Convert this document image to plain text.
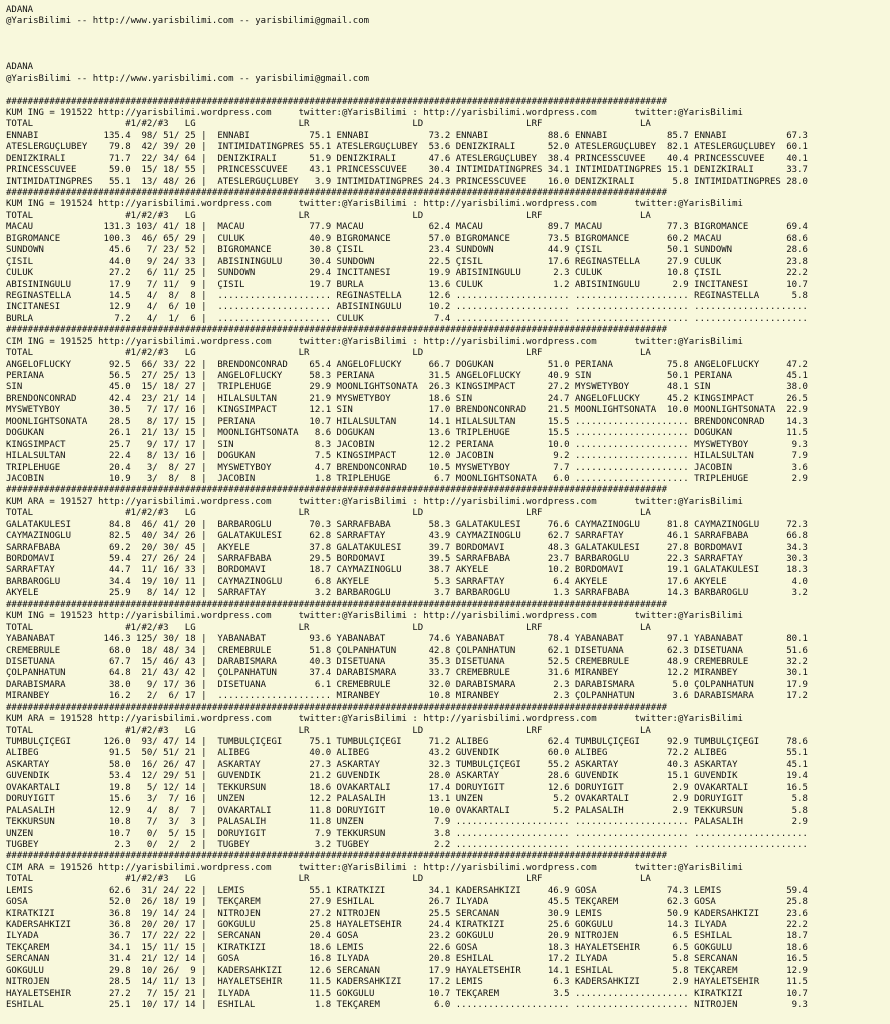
ADANA
@YarisBilimi -- http://www.yarisbilimi.com -- yarisbilimi@gmail.com
ADANA
@YarisBilimi -- http://www.yarisbilimi.com -- yarisbilimi@gmail.com
##########################################################################################################################
KUM ING = 191522 http://yarisbilimi.wordpress.com     twitter:@YarisBilimi : http://yarisbilimi.wordpress.com       twitter:@YarisBilimi
TOTAL                 #1/#2/#3   LG                   LR                   LD                   LRF                  LA
ENNABI            135.4  98/ 51/ 25 |  ENNABI           75.1 ENNABI           73.2 ENNABI           88.6 ENNABI           85.7 ENNABI           67.3
ATESLERGÜÇLÜBEY    79.8  42/ 39/ 20 |  INTIMIDATINGPRES 55.1 ATESLERGÜÇLÜBEY  53.6 DENIZKIRALI      52.0 ATESLERGÜÇLÜBEY  82.1 ATESLERGÜÇLÜBEY  60.1
DENIZKIRALI        71.7  22/ 34/ 64 |  DENIZKIRALI      51.9 DENIZKIRALI      47.6 ATESLERGÜÇLÜBEY  38.4 PRINCESSCUVEE    40.4 PRINCESSCUVEE    40.1
PRINCESSCUVEE      59.0  15/ 18/ 55 |  PRINCESSCUVEE    43.1 PRINCESSCUVEE    30.4 INTIMIDATINGPRES 34.1 INTIMIDATINGPRES 15.1 DENIZKIRALI      33.7
INTIMIDATINGPRES   55.1  13/ 48/ 26 |  ATESLERGÜÇLÜBEY   3.9 INTIMIDATINGPRES 24.3 PRINCESSCUVEE    16.0 DENIZKIRALI       5.8 INTIMIDATINGPRES 28.0
##########################################################################################################################
KUM ING = 191524 http://yarisbilimi.wordpress.com     twitter:@YarisBilimi : http://yarisbilimi.wordpress.com       twitter:@YarisBilimi
TOTAL                 #1/#2/#3   LG                   LR                   LD                   LRF                  LA
MACAU             131.3 103/ 41/ 18 |  MACAU            77.9 MACAU            62.4 MACAU            89.7 MACAU            77.3 BIGROMANCE       69.4
BIGROMANCE        100.3  46/ 65/ 29 |  CÜLÜK            40.9 BIGROMANCE       57.0 BIGROMANCE       73.5 BIGROMANCE       60.2 MACAU            68.6
SUNDOWN            45.6   7/ 23/ 52 |  BIGROMANCE       30.8 ÇISIL            23.4 SUNDOWN          44.9 ÇISIL            50.1 SUNDOWN          28.6
ÇISIL              44.0   9/ 24/ 33 |  ABISININGÜLÜ     30.4 SUNDOWN          22.5 ÇISIL            17.6 REGINASTELLA     27.9 CÜLÜK            23.8
CÜLÜK              27.2   6/ 11/ 25 |  SUNDOWN          29.4 INCITANESI       19.9 ABISININGÜLÜ      2.3 CÜLÜK            10.8 ÇISIL            22.2
ABISININGÜLÜ       17.9   7/ 11/  9 |  ÇISIL            19.7 BURLA            13.6 CÜLÜK             1.2 ABISININGÜLÜ      2.9 INCITANESI       10.7
REGINASTELLA       14.5   4/  8/  8 |  ..................... REGINASTELLA     12.6 ..................... ..................... REGINASTELLA      5.8
INCITANESI         12.9   4/  6/ 10 |  ..................... ABISININGÜLÜ     10.2 ..................... ..................... .....................
BURLA               7.2   4/  1/  6 |  ..................... CÜLÜK             7.4 ..................... ..................... .....................
##########################################################################################################################
CIM ING = 191525 http://yarisbilimi.wordpress.com     twitter:@YarisBilimi : http://yarisbilimi.wordpress.com       twitter:@YarisBilimi
TOTAL                 #1/#2/#3   LG                   LR                   LD                   LRF                  LA
ANGELOFLUCKY       92.5  66/ 33/ 22 |  BRENDONCONRAD    65.4 ANGELOFLUCKY     66.7 DOGUKAN          51.0 PERIANA          75.8 ANGELOFLUCKY     47.2
PERIANA            56.5  27/ 25/ 13 |  ANGELOFLUCKY     58.3 PERIANA          31.5 ANGELOFLUCKY     40.9 SIN              50.1 PERIANA          45.1
SIN                45.0  15/ 18/ 27 |  TRIPLEHUGE       29.9 MOONLIGHTSONATA  26.3 KINGSIMPACT      27.2 MYSWETYBOY       48.1 SIN              38.0
BRENDONCONRAD      42.4  23/ 21/ 14 |  HILALSULTAN      21.9 MYSWETYBOY       18.6 SIN              24.7 ANGELOFLUCKY     45.2 KINGSIMPACT      26.5
MYSWETYBOY         30.5   7/ 17/ 16 |  KINGSIMPACT      12.1 SIN              17.0 BRENDONCONRAD    21.5 MOONLIGHTSONATA  10.0 MOONLIGHTSONATA  22.9
MOONLIGHTSONATA    28.5   8/ 17/ 15 |  PERIANA          10.7 HILALSULTAN      14.1 HILALSULTAN      15.5 ..................... BRENDONCONRAD    14.3
DOGUKAN            26.1  21/ 13/ 15 |  MOONLIGHTSONATA   8.6 DOGUKAN          13.6 TRIPLEHUGE       15.5 ..................... DOGUKAN          11.5
KINGSIMPACT        25.7   9/ 17/ 17 |  SIN               8.3 JACOBIN          12.2 PERIANA          10.0 ..................... MYSWETYBOY        9.3
HILALSULTAN        22.4   8/ 13/ 16 |  DOGUKAN           7.5 KINGSIMPACT      12.0 JACOBIN           9.2 ..................... HILALSULTAN       7.9
TRIPLEHUGE         20.4   3/  8/ 27 |  MYSWETYBOY        4.7 BRENDONCONRAD    10.5 MYSWETYBOY        7.7 ..................... JACOBIN           3.6
JACOBIN            10.9   3/  8/  8 |  JACOBIN           1.8 TRIPLEHUGE        6.7 MOONLIGHTSONATA   6.0 ..................... TRIPLEHUGE        2.9
##########################################################################################################################
KUM ARA = 191527 http://yarisbilimi.wordpress.com     twitter:@YarisBilimi : http://yarisbilimi.wordpress.com       twitter:@YarisBilimi
TOTAL                 #1/#2/#3   LG                   LR                   LD                   LRF                  LA
GALATAKULESI       84.8  46/ 41/ 20 |  BARBAROGLU       70.3 SARRAFBABA       58.3 GALATAKULESI     76.6 CAYMAZINOGLU     81.8 CAYMAZINOGLU     72.3
CAYMAZINOGLU       82.5  40/ 34/ 26 |  GALATAKULESI     62.8 SARRAFTAY        43.9 CAYMAZINOGLU     62.7 SARRAFTAY        46.1 SARRAFBABA       66.8
SARRAFBABA         69.2  20/ 30/ 45 |  AKYELE           37.8 GALATAKULESI     39.7 BORDOMAVI        48.3 GALATAKULESI     27.8 BORDOMAVI        34.3
BORDOMAVI          59.4  27/ 26/ 24 |  SARRAFBABA       29.5 BORDOMAVI        39.5 SARRAFBABA       23.7 BARBAROGLU       22.3 SARRAFTAY        30.3
SARRAFTAY          44.7  11/ 16/ 33 |  BORDOMAVI        18.7 CAYMAZINOGLU     38.7 AKYELE           10.2 BORDOMAVI        19.1 GALATAKULESI     18.3
BARBAROGLU         34.4  19/ 10/ 11 |  CAYMAZINOGLU      6.8 AKYELE            5.3 SARRAFTAY         6.4 AKYELE           17.6 AKYELE            4.0
AKYELE             25.9   8/ 14/ 12 |  SARRAFTAY         3.2 BARBAROGLU        3.7 BARBAROGLU        1.3 SARRAFBABA       14.3 BARBAROGLU        3.2
##########################################################################################################################
KUM ING = 191523 http://yarisbilimi.wordpress.com     twitter:@YarisBilimi : http://yarisbilimi.wordpress.com       twitter:@YarisBilimi
TOTAL                 #1/#2/#3   LG                   LR                   LD                   LRF                  LA
YABANABAT         146.3 125/ 30/ 18 |  YABANABAT        93.6 YABANABAT        74.6 YABANABAT        78.4 YABANABAT        97.1 YABANABAT        80.1
CREMEBRULE         68.0  18/ 48/ 34 |  CREMEBRULE       51.8 ÇOLPANHATUN      42.8 ÇOLPANHATUN      62.1 DISETUANA        62.3 DISETUANA        51.6
DISETUANA          67.7  15/ 46/ 43 |  DARABISMARA      40.3 DISETUANA        35.3 DISETUANA        52.5 CREMEBRULE       48.9 CREMEBRULE       32.2
ÇOLPANHATUN        64.8  21/ 43/ 42 |  ÇOLPANHATUN      37.4 DARABISMARA      33.7 CREMEBRULE       31.6 MIRANBEY         12.2 MIRANBEY         30.1
DARABISMARA        38.0   9/ 17/ 36 |  DISETUANA         6.1 CREMEBRULE       32.0 DARABISMARA       2.3 DARABISMARA       5.0 ÇOLPANHATUN      17.9
MIRANBEY           16.2   2/  6/ 17 |  ..................... MIRANBEY         10.8 MIRANBEY          2.3 ÇOLPANHATUN       3.6 DARABISMARA      17.2
##########################################################################################################################
KUM ARA = 191528 http://yarisbilimi.wordpress.com     twitter:@YarisBilimi : http://yarisbilimi.wordpress.com       twitter:@YarisBilimi
TOTAL                 #1/#2/#3   LG                   LR                   LD                   LRF                  LA
TUMBULÇIÇEGI      126.0  93/ 47/ 14 |  TUMBULÇIÇEGI     75.1 TUMBULÇIÇEGI     71.2 ALIBEG           62.4 TUMBULÇIÇEGI     92.9 TUMBULÇIÇEGI     78.6
ALIBEG             91.5  50/ 51/ 21 |  ALIBEG           40.0 ALIBEG           43.2 GÜVENDIK         60.0 ALIBEG           72.2 ALIBEG           55.1
ASKARTAY           58.0  16/ 26/ 47 |  ASKARTAY         27.3 ASKARTAY         32.3 TUMBULÇIÇEGI     55.2 ASKARTAY         40.3 ASKARTAY         45.1
GÜVENDIK           53.4  12/ 29/ 51 |  GÜVENDIK         21.2 GÜVENDIK         28.0 ASKARTAY         28.6 GÜVENDIK         15.1 GÜVENDIK         19.4
OVAKARTALI         19.8   5/ 12/ 14 |  TEKKURSUN        18.6 OVAKARTALI       17.4 DORUYIGIT        12.6 DORUYIGIT         2.9 OVAKARTALI       16.5
DORUYIGIT          15.6   3/  7/ 16 |  UNZEN            12.2 PALASALIH        13.1 UNZEN             5.2 OVAKARTALI        2.9 DORUYIGIT         5.8
PALASALIH          12.9   4/  8/  7 |  OVAKARTALI       11.8 DORUYIGIT        10.0 OVAKARTALI        5.2 PALASALIH         2.9 TEKKURSUN         5.8
TEKKURSUN          10.8   7/  3/  3 |  PALASALIH        11.8 UNZEN             7.9 ..................... ..................... PALASALIH         2.9
UNZEN              10.7   0/  5/ 15 |  DORUYIGIT         7.9 TEKKURSUN         3.8 ..................... ..................... .....................
TUGBEY              2.3   0/  2/  2 |  TUGBEY            3.2 TUGBEY            2.2 ..................... ..................... .....................
##########################################################################################################################
CIM ARA = 191526 http://yarisbilimi.wordpress.com     twitter:@YarisBilimi : http://yarisbilimi.wordpress.com       twitter:@YarisBilimi
TOTAL                 #1/#2/#3   LG                   LR                   LD                   LRF                  LA
LEMIS              62.6  31/ 24/ 22 |  LEMIS            55.1 KIRATKIZI        34.1 KADERSAHKIZI     46.9 GOSA             74.3 LEMIS            59.4
GOSA               52.0  26/ 18/ 19 |  TEKÇAREM         27.9 ESHILAL          26.7 ILYADA           45.5 TEKÇAREM         62.3 GOSA             25.8
KIRATKIZI          36.8  19/ 14/ 24 |  NITROJEN         27.2 NITROJEN         25.5 SERCANAN         30.9 LEMIS            50.9 KADERSAHKIZI     23.6
KADERSAHKIZI       36.8  20/ 20/ 17 |  GÖKGÜLÜ          25.8 HAYALETSEHIR     24.4 KIRATKIZI        25.6 GÖKGÜLÜ          14.3 ILYADA           22.2
ILYADA             36.7  17/ 22/ 22 |  SERCANAN         20.4 GOSA             23.2 GÖKGÜLÜ          20.9 NITROJEN          6.5 ESHILAL          18.7
TEKÇAREM           34.1  15/ 11/ 15 |  KIRATKIZI        18.6 LEMIS            22.6 GOSA             18.3 HAYALETSEHIR      6.5 GÖKGÜLÜ          18.6
SERCANAN           31.4  21/ 12/ 14 |  GOSA             16.8 ILYADA           20.8 ESHILAL          17.2 ILYADA            5.8 SERCANAN         16.5
GÖKGÜLÜ            29.8  10/ 26/  9 |  KADERSAHKIZI     12.6 SERCANAN         17.9 HAYALETSEHIR     14.1 ESHILAL           5.8 TEKÇAREM         12.9
NITROJEN           28.5  14/ 11/ 13 |  HAYALETSEHIR     11.5 KADERSAHKIZI     17.2 LEMIS             6.3 KADERSAHKIZI      2.9 HAYALETSEHIR     11.5
HAYALETSEHIR       27.2   7/ 15/ 21 |  ILYADA           11.5 GÖKGÜLÜ          10.7 TEKÇAREM          3.5 ..................... KIRATKIZI        10.7
ESHILAL            25.1  10/ 17/ 14 |  ESHILAL           1.8 TEKÇAREM          6.0 ..................... ..................... NITROJEN          9.3
